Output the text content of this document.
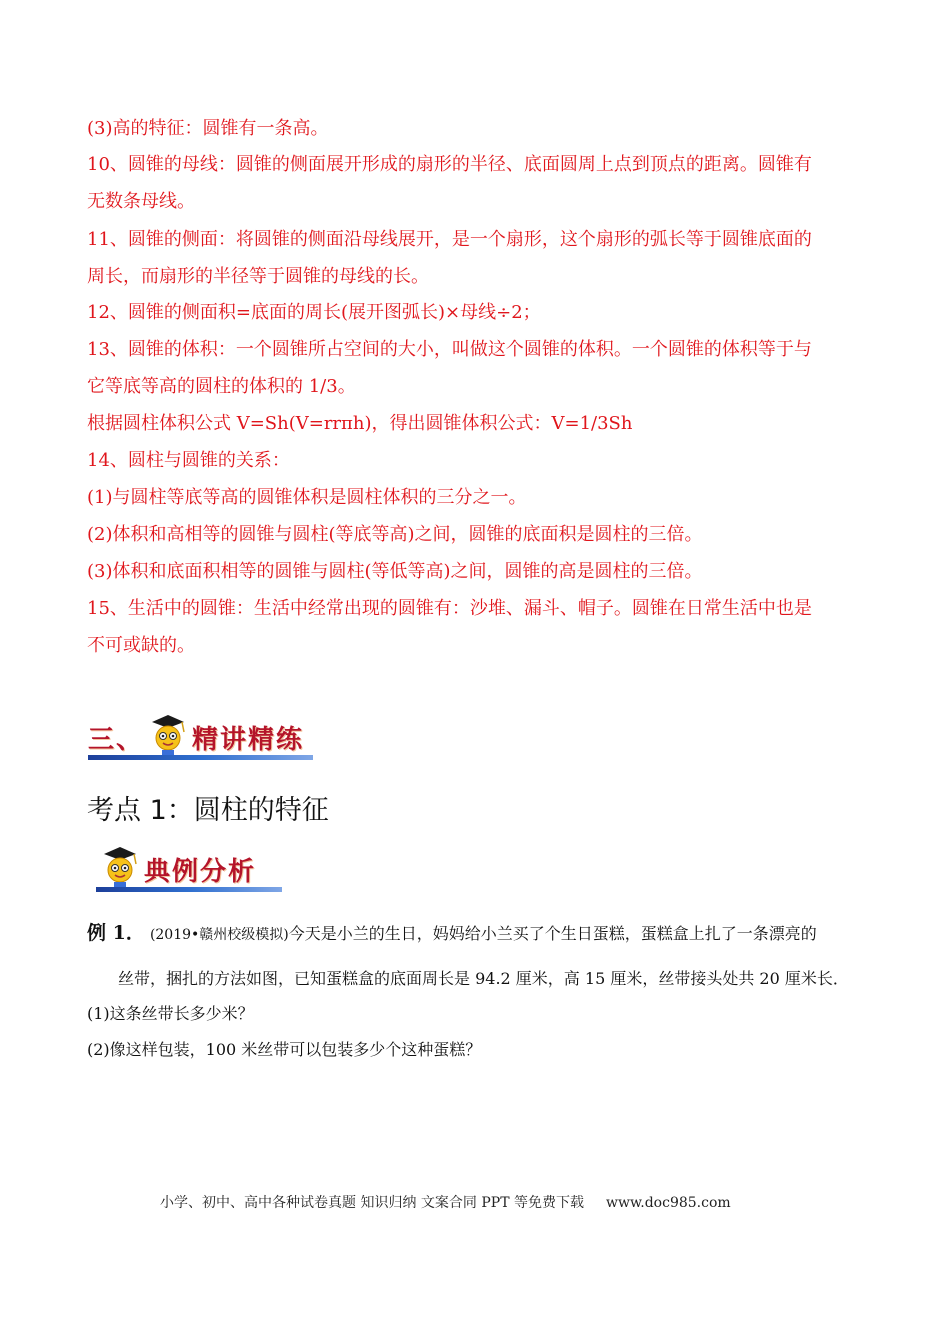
(3)高的特征：圆锥有一条高。
10、圆锥的母线：圆锥的侧面展开形成的扇形的半径、底面圆周上点到顶点的距离。圆锥有
无数条母线。
11、圆锥的侧面：将圆锥的侧面沿母线展开，是一个扇形，这个扇形的弧长等于圆锥底面的
周长，而扇形的半径等于圆锥的母线的长。
12、圆锥的侧面积=底面的周长(展开图弧长)×母线÷2；
13、圆锥的体积：一个圆锥所占空间的大小，叫做这个圆锥的体积。一个圆锥的体积等于与
它等底等高的圆柱的体积的 1/3。
根据圆柱体积公式 V=Sh(V=rrπh)，得出圆锥体积公式：V=1/3Sh
14、圆柱与圆锥的关系：
(1)与圆柱等底等高的圆锥体积是圆柱体积的三分之一。
(2)体积和高相等的圆锥与圆柱(等底等高)之间，圆锥的底面积是圆柱的三倍。
(3)体积和底面积相等的圆锥与圆柱(等低等高)之间，圆锥的高是圆柱的三倍。
15、生活中的圆锥：生活中经常出现的圆锥有：沙堆、漏斗、帽子。圆锥在日常生活中也是
不可或缺的。
三、 精讲精练
考点 1：圆柱的特征
典例分析
例 1． (2019•赣州校级模拟)今天是小兰的生日，妈妈给小兰买了个生日蛋糕，蛋糕盒上扎了一条漂亮的
丝带，捆扎的方法如图，已知蛋糕盒的底面周长是 94.2 厘米，高 15 厘米，丝带接头处共 20 厘米长．
(1)这条丝带长多少米？
(2)像这样包装，100 米丝带可以包装多少个这种蛋糕？
小学、初中、高中各种试卷真题 知识归纳 文案合同 PPT 等免费下载 www.doc985.com
